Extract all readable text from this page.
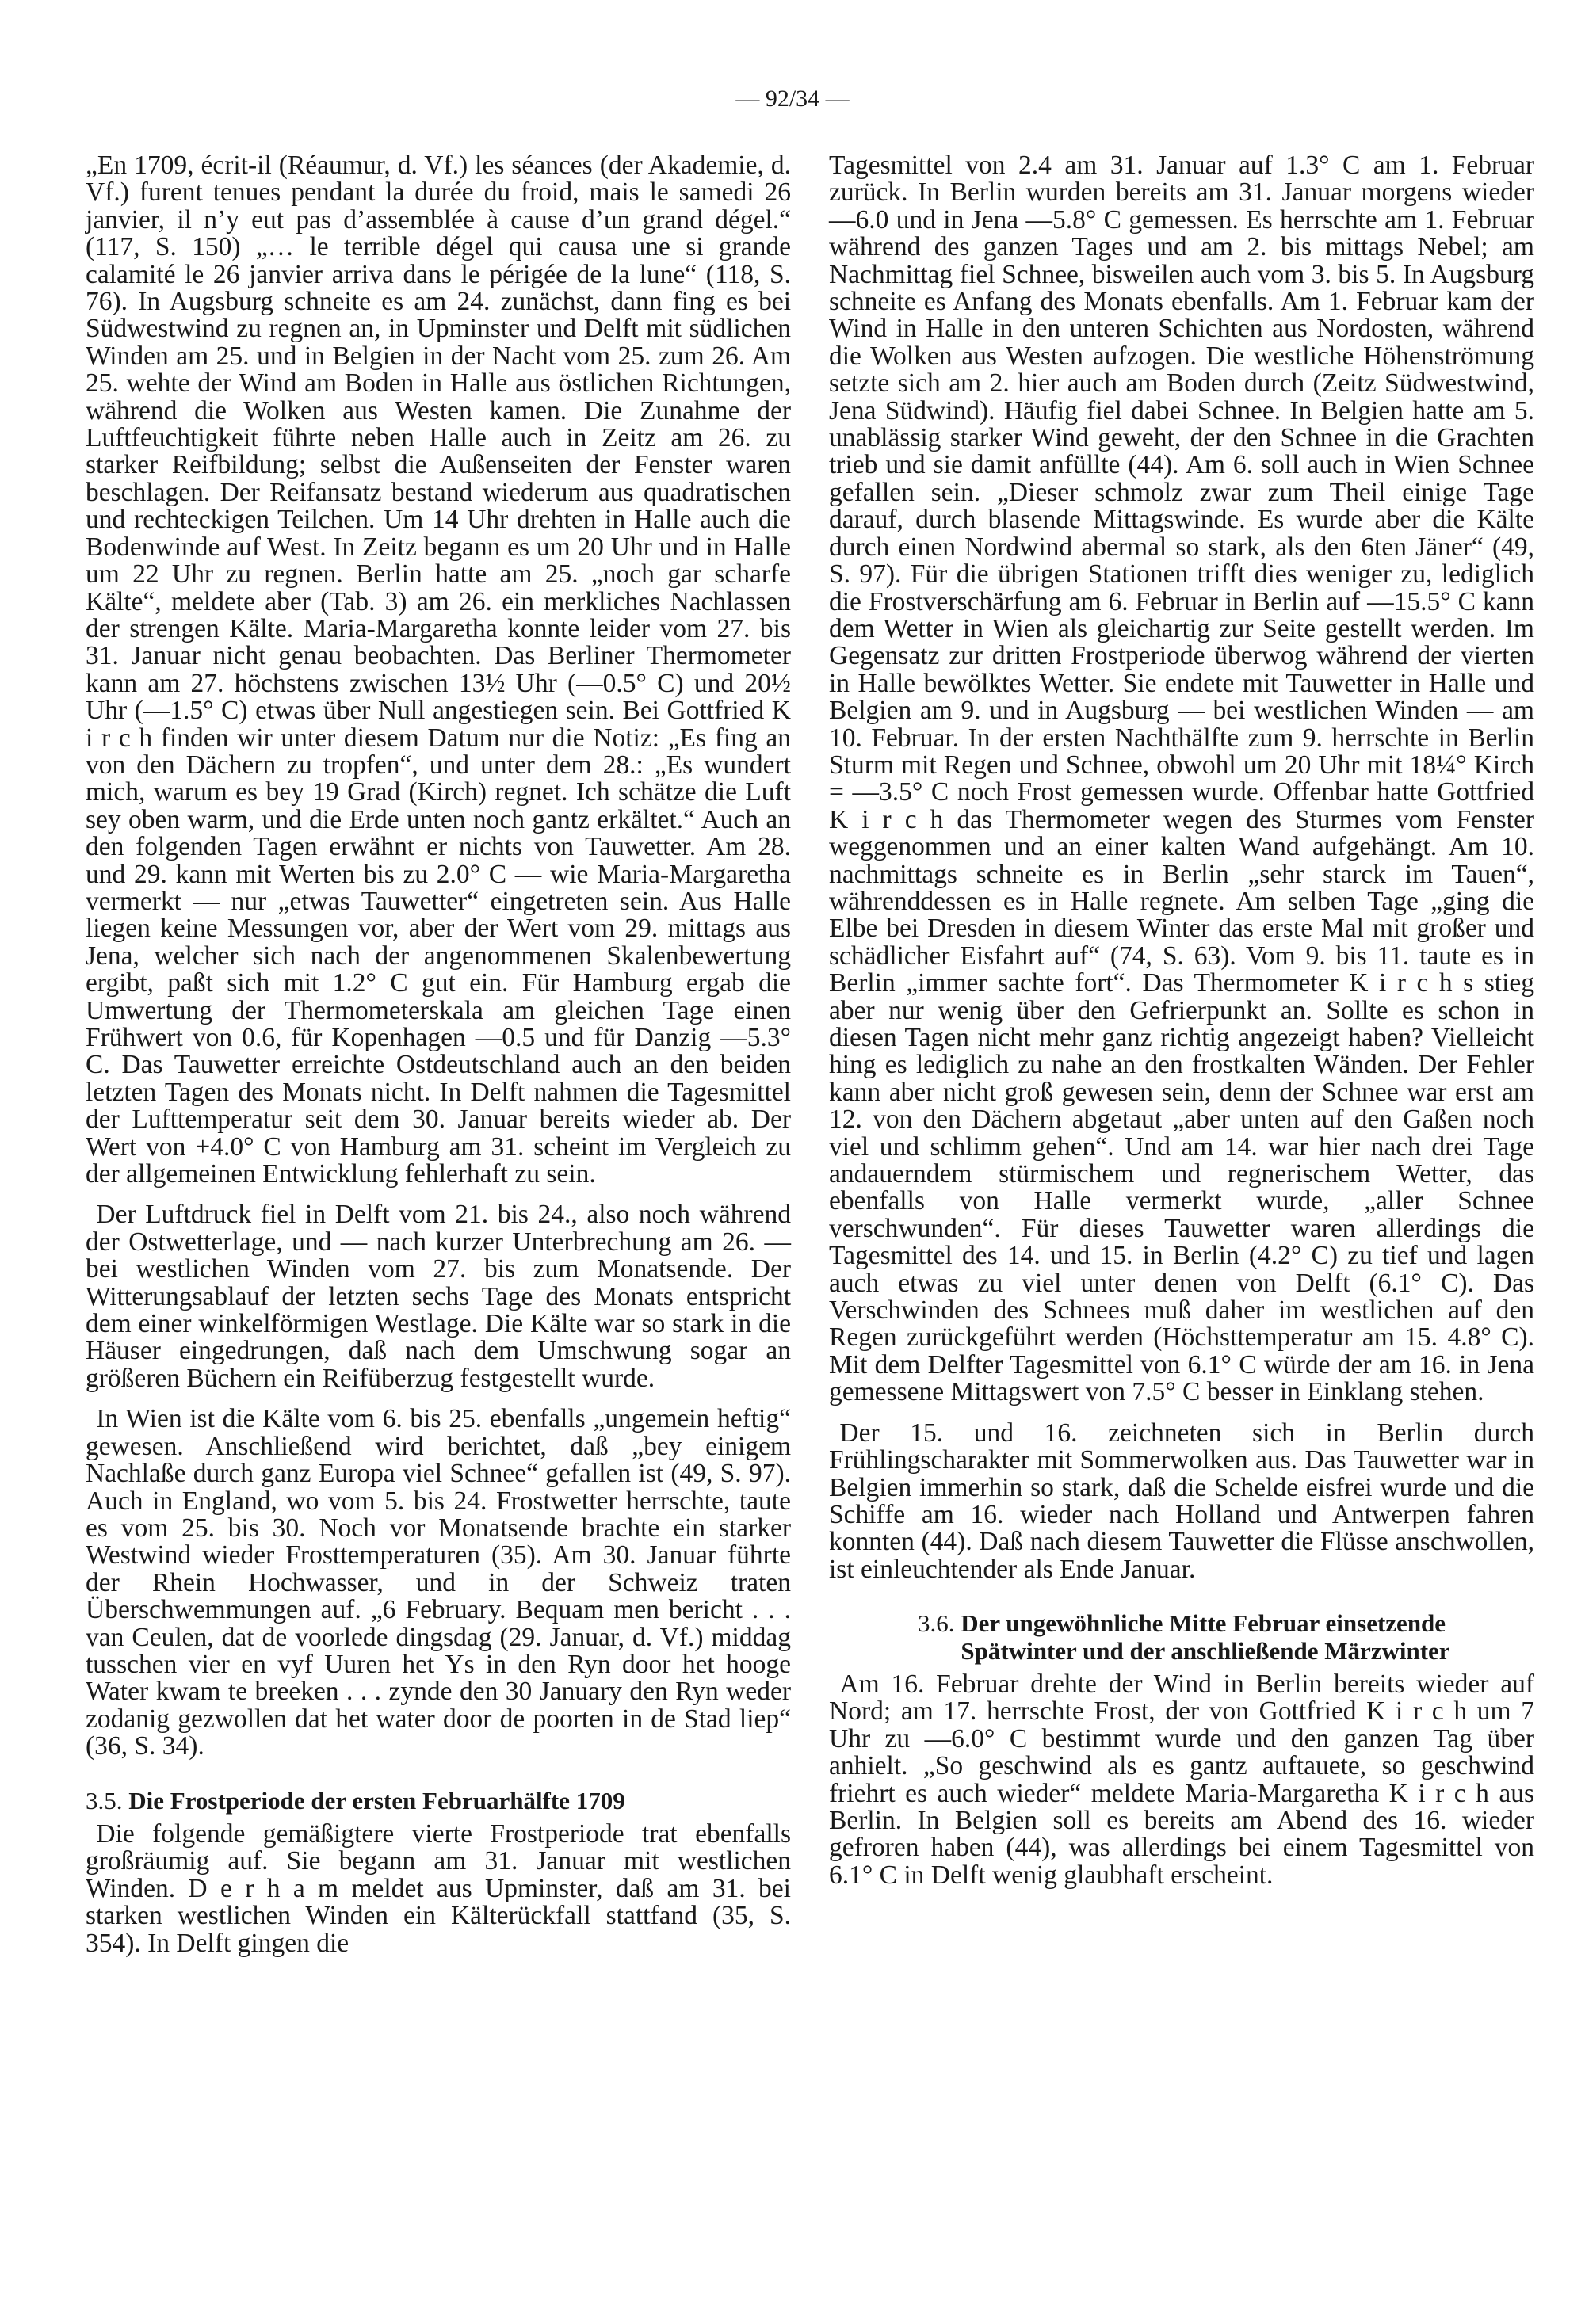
— 92/34 —

„En 1709, écrit-il (Réaumur, d. Vf.) les séances (der Akademie, d. Vf.) furent tenues pendant la durée du froid, mais le samedi 26 janvier, il n’y eut pas d’assemblée à cause d’un grand dégel.“ (117, S. 150) „… le terrible dégel qui causa une si grande calamité le 26 janvier arriva dans le périgée de la lune“ (118, S. 76). In Augsburg schneite es am 24. zunächst, dann fing es bei Südwestwind zu regnen an, in Upminster und Delft mit südlichen Winden am 25. und in Belgien in der Nacht vom 25. zum 26. Am 25. wehte der Wind am Boden in Halle aus östlichen Richtungen, während die Wolken aus Westen kamen. Die Zunahme der Luftfeuchtigkeit führte neben Halle auch in Zeitz am 26. zu starker Reifbildung; selbst die Außenseiten der Fenster waren beschlagen. Der Reifansatz bestand wiederum aus quadratischen und rechteckigen Teilchen. Um 14 Uhr drehten in Halle auch die Bodenwinde auf West. In Zeitz begann es um 20 Uhr und in Halle um 22 Uhr zu regnen. Berlin hatte am 25. „noch gar scharfe Kälte“, meldete aber (Tab. 3) am 26. ein merkliches Nachlassen der strengen Kälte. Maria-Margaretha konnte leider vom 27. bis 31. Januar nicht genau beobachten. Das Berliner Thermometer kann am 27. höchstens zwischen 13½ Uhr (—0.5° C) und 20½ Uhr (—1.5° C) etwas über Null angestiegen sein. Bei Gottfried K i r c h finden wir unter diesem Datum nur die Notiz: „Es fing an von den Dächern zu tropfen“, und unter dem 28.: „Es wundert mich, warum es bey 19 Grad (Kirch) regnet. Ich schätze die Luft sey oben warm, und die Erde unten noch gantz erkältet.“ Auch an den folgenden Tagen erwähnt er nichts von Tauwetter. Am 28. und 29. kann mit Werten bis zu 2.0° C — wie Maria-Margaretha vermerkt — nur „etwas Tauwetter“ eingetreten sein. Aus Halle liegen keine Messungen vor, aber der Wert vom 29. mittags aus Jena, welcher sich nach der angenommenen Skalenbewertung ergibt, paßt sich mit 1.2° C gut ein. Für Hamburg ergab die Umwertung der Thermometerskala am gleichen Tage einen Frühwert von 0.6, für Kopenhagen —0.5 und für Danzig —5.3° C. Das Tauwetter erreichte Ostdeutschland auch an den beiden letzten Tagen des Monats nicht. In Delft nahmen die Tagesmittel der Lufttemperatur seit dem 30. Januar bereits wieder ab. Der Wert von +4.0° C von Hamburg am 31. scheint im Vergleich zu der allgemeinen Entwicklung fehlerhaft zu sein.

Der Luftdruck fiel in Delft vom 21. bis 24., also noch während der Ostwetterlage, und — nach kurzer Unterbrechung am 26. — bei westlichen Winden vom 27. bis zum Monatsende. Der Witterungsablauf der letzten sechs Tage des Monats entspricht dem einer winkelförmigen Westlage. Die Kälte war so stark in die Häuser eingedrungen, daß nach dem Umschwung sogar an größeren Büchern ein Reifüberzug festgestellt wurde.

In Wien ist die Kälte vom 6. bis 25. ebenfalls „ungemein heftig“ gewesen. Anschließend wird berichtet, daß „bey einigem Nachlaße durch ganz Europa viel Schnee“ gefallen ist (49, S. 97). Auch in England, wo vom 5. bis 24. Frostwetter herrschte, taute es vom 25. bis 30. Noch vor Monatsende brachte ein starker Westwind wieder Frosttemperaturen (35). Am 30. Januar führte der Rhein Hochwasser, und in der Schweiz traten Überschwemmungen auf. „6 February. Bequam men bericht . . . van Ceulen, dat de voorlede dingsdag (29. Januar, d. Vf.) middag tusschen vier en vyf Uuren het Ys in den Ryn door het hooge Water kwam te breeken . . . zynde den 30 January den Ryn weder zodanig gezwollen dat het water door de poorten in de Stad liep“ (36, S. 34).

3.5. Die Frostperiode der ersten Februarhälfte 1709

Die folgende gemäßigtere vierte Frostperiode trat ebenfalls großräumig auf. Sie begann am 31. Januar mit westlichen Winden. D e r h a m meldet aus Upminster, daß am 31. bei starken westlichen Winden ein Kälterückfall stattfand (35, S. 354). In Delft gingen die

Tagesmittel von 2.4 am 31. Januar auf 1.3° C am 1. Februar zurück. In Berlin wurden bereits am 31. Januar morgens wieder —6.0 und in Jena —5.8° C gemessen. Es herrschte am 1. Februar während des ganzen Tages und am 2. bis mittags Nebel; am Nachmittag fiel Schnee, bisweilen auch vom 3. bis 5. In Augsburg schneite es Anfang des Monats ebenfalls. Am 1. Februar kam der Wind in Halle in den unteren Schichten aus Nordosten, während die Wolken aus Westen aufzogen. Die westliche Höhenströmung setzte sich am 2. hier auch am Boden durch (Zeitz Südwestwind, Jena Südwind). Häufig fiel dabei Schnee. In Belgien hatte am 5. unablässig starker Wind geweht, der den Schnee in die Grachten trieb und sie damit anfüllte (44). Am 6. soll auch in Wien Schnee gefallen sein. „Dieser schmolz zwar zum Theil einige Tage darauf, durch blasende Mittagswinde. Es wurde aber die Kälte durch einen Nordwind abermal so stark, als den 6ten Jäner“ (49, S. 97). Für die übrigen Stationen trifft dies weniger zu, lediglich die Frostverschärfung am 6. Februar in Berlin auf —15.5° C kann dem Wetter in Wien als gleichartig zur Seite gestellt werden. Im Gegensatz zur dritten Frostperiode überwog während der vierten in Halle bewölktes Wetter. Sie endete mit Tauwetter in Halle und Belgien am 9. und in Augsburg — bei westlichen Winden — am 10. Februar. In der ersten Nachthälfte zum 9. herrschte in Berlin Sturm mit Regen und Schnee, obwohl um 20 Uhr mit 18¼° Kirch = —3.5° C noch Frost gemessen wurde. Offenbar hatte Gottfried K i r c h das Thermometer wegen des Sturmes vom Fenster weggenommen und an einer kalten Wand aufgehängt. Am 10. nachmittags schneite es in Berlin „sehr starck im Tauen“, währenddessen es in Halle regnete. Am selben Tage „ging die Elbe bei Dresden in diesem Winter das erste Mal mit großer und schädlicher Eisfahrt auf“ (74, S. 63). Vom 9. bis 11. taute es in Berlin „immer sachte fort“. Das Thermometer K i r c h s stieg aber nur wenig über den Gefrierpunkt an. Sollte es schon in diesen Tagen nicht mehr ganz richtig angezeigt haben? Vielleicht hing es lediglich zu nahe an den frostkalten Wänden. Der Fehler kann aber nicht groß gewesen sein, denn der Schnee war erst am 12. von den Dächern abgetaut „aber unten auf den Gaßen noch viel und schlimm gehen“. Und am 14. war hier nach drei Tage andauerndem stürmischem und regnerischem Wetter, das ebenfalls von Halle vermerkt wurde, „aller Schnee verschwunden“. Für dieses Tauwetter waren allerdings die Tagesmittel des 14. und 15. in Berlin (4.2° C) zu tief und lagen auch etwas zu viel unter denen von Delft (6.1° C). Das Verschwinden des Schnees muß daher im westlichen auf den Regen zurückgeführt werden (Höchsttemperatur am 15. 4.8° C). Mit dem Delfter Tagesmittel von 6.1° C würde der am 16. in Jena gemessene Mittagswert von 7.5° C besser in Einklang stehen.

Der 15. und 16. zeichneten sich in Berlin durch Frühlingscharakter mit Sommerwolken aus. Das Tauwetter war in Belgien immerhin so stark, daß die Schelde eisfrei wurde und die Schiffe am 16. wieder nach Holland und Antwerpen fahren konnten (44). Daß nach diesem Tauwetter die Flüsse anschwollen, ist einleuchtender als Ende Januar.

3.6. Der ungewöhnliche Mitte Februar einsetzende
Spätwinter und der anschließende Märzwinter

Am 16. Februar drehte der Wind in Berlin bereits wieder auf Nord; am 17. herrschte Frost, der von Gottfried K i r c h um 7 Uhr zu —6.0° C bestimmt wurde und den ganzen Tag über anhielt. „So geschwind als es gantz auftauete, so geschwind friehrt es auch wieder“ meldete Maria-Margaretha K i r c h aus Berlin. In Belgien soll es bereits am Abend des 16. wieder gefroren haben (44), was allerdings bei einem Tagesmittel von 6.1° C in Delft wenig glaubhaft erscheint.
